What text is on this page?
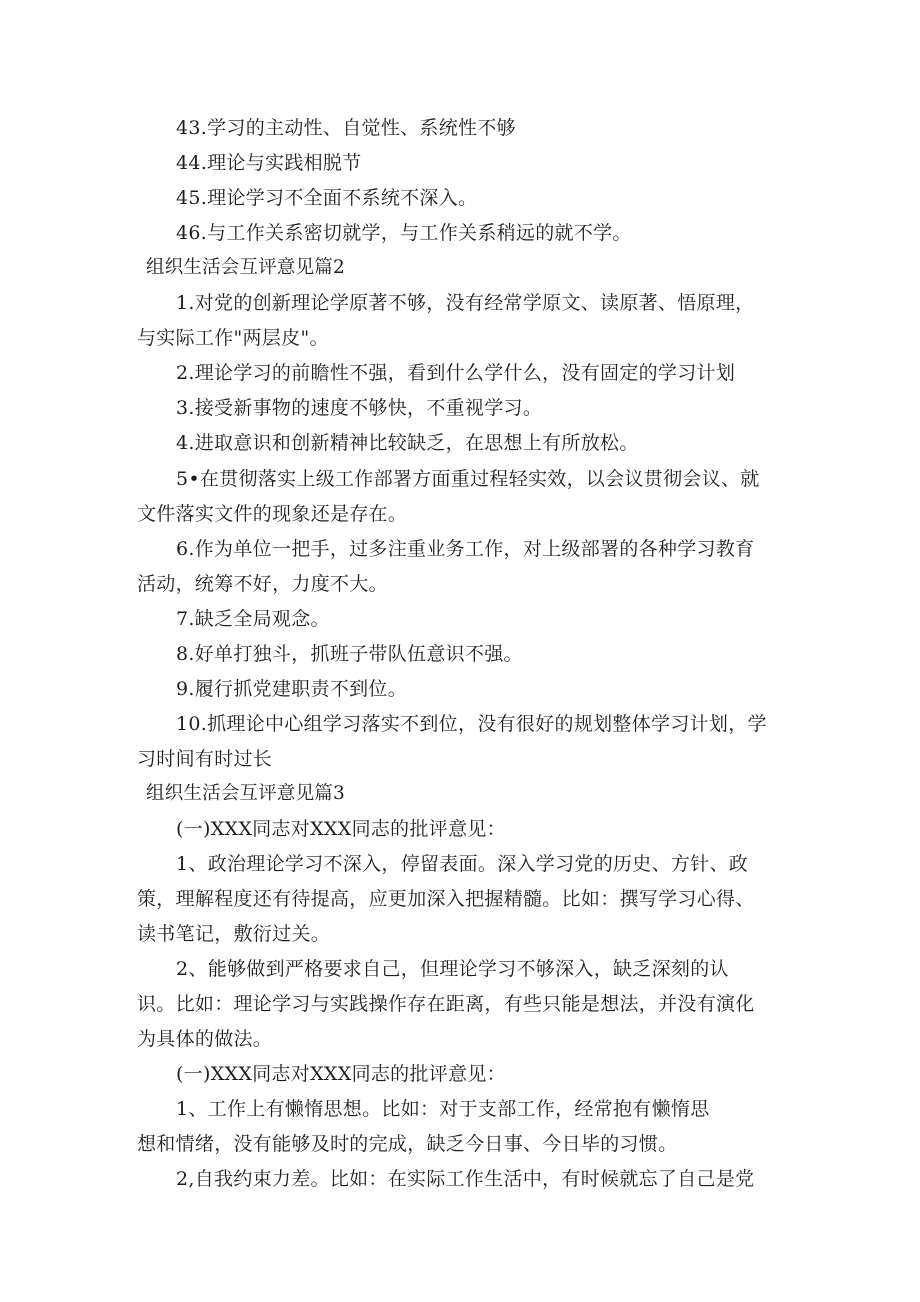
43.学习的主动性、自觉性、系统性不够
44.理论与实践相脱节
45.理论学习不全面不系统不深入。
46.与工作关系密切就学，与工作关系稍远的就不学。
组织生活会互评意见篇2
1.对党的创新理论学原著不够，没有经常学原文、读原著、悟原理，
与实际工作"两层皮"。
2.理论学习的前瞻性不强，看到什么学什么，没有固定的学习计划
3.接受新事物的速度不够快，不重视学习。
4.进取意识和创新精神比较缺乏，在思想上有所放松。
5•在贯彻落实上级工作部署方面重过程轻实效，以会议贯彻会议、就
文件落实文件的现象还是存在。
6.作为单位一把手，过多注重业务工作，对上级部署的各种学习教育
活动，统筹不好，力度不大。
7.缺乏全局观念。
8.好单打独斗，抓班子带队伍意识不强。
9.履行抓党建职责不到位。
10.抓理论中心组学习落实不到位，没有很好的规划整体学习计划，学
习时间有时过长
组织生活会互评意见篇3
(一)XXX同志对XXX同志的批评意见：
1、政治理论学习不深入，停留表面。深入学习党的历史、方针、政
策，理解程度还有待提高，应更加深入把握精髓。比如：撰写学习心得、
读书笔记，敷衍过关。
2、能够做到严格要求自己，但理论学习不够深入，缺乏深刻的认
识。比如：理论学习与实践操作存在距离，有些只能是想法，并没有演化
为具体的做法。
(一)XXX同志对XXX同志的批评意见：
1、工作上有懒惰思想。比如：对于支部工作，经常抱有懒惰思
想和情绪，没有能够及时的完成，缺乏今日事、今日毕的习惯。
2,自我约束力差。比如：在实际工作生活中，有时候就忘了自己是党
